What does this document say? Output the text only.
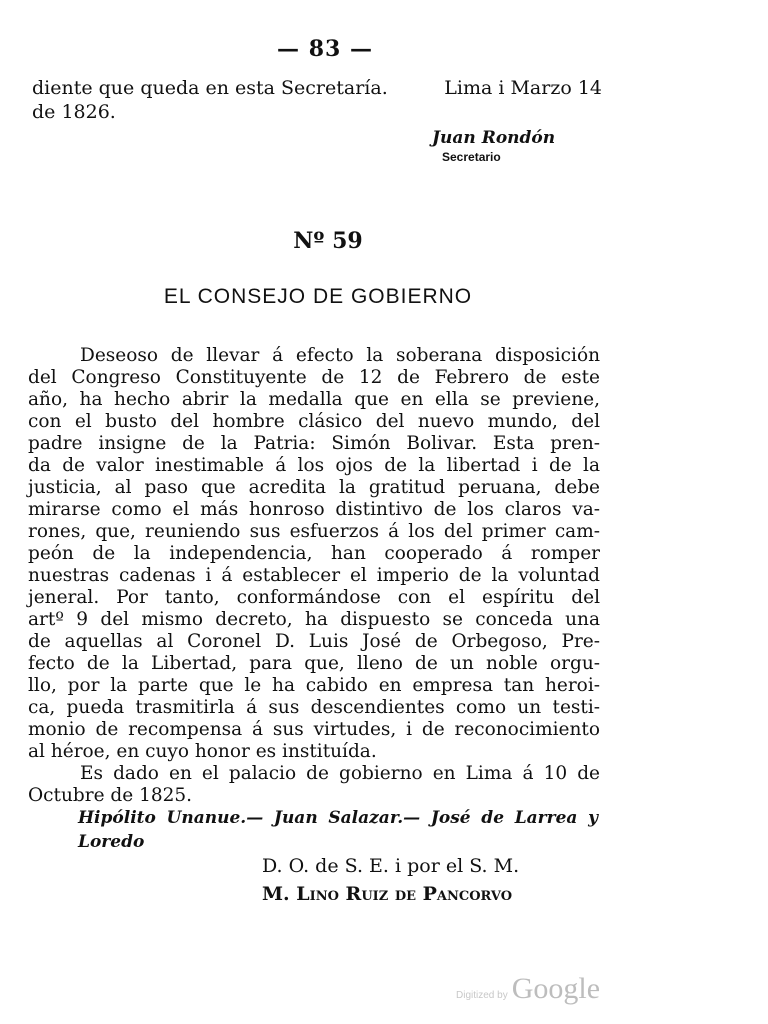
— 83 —
diente que queda en esta Secretaría.	Lima i Marzo 14
de 1826.
Juan Rondón
Secretario
Nº 59
EL CONSEJO DE GOBIERNO
Deseoso de llevar á efecto la soberana disposición
del Congreso Constituyente de 12 de Febrero de este
año, ha hecho abrir la medalla que en ella se previene,
con el busto del hombre clásico del nuevo mundo, del
padre insigne de la Patria: Simón Bolivar. Esta pren-
da de valor inestimable á los ojos de la libertad i de la
justicia, al paso que acredita la gratitud peruana, debe
mirarse como el más honroso distintivo de los claros va-
rones, que, reuniendo sus esfuerzos á los del primer cam-
peón de la independencia, han cooperado á romper
nuestras cadenas i á establecer el imperio de la voluntad
jeneral. Por tanto, conformándose con el espíritu del
artº 9 del mismo decreto, ha dispuesto se conceda una
de aquellas al Coronel D. Luis José de Orbegoso, Pre-
fecto de la Libertad, para que, lleno de un noble orgu-
llo, por la parte que le ha cabido en empresa tan heroi-
ca, pueda trasmitirla á sus descendientes como un testi-
monio de recompensa á sus virtudes, i de reconocimiento
al héroe, en cuyo honor es instituída.
Es dado en el palacio de gobierno en Lima á 10 de
Octubre de 1825.
Hipólito Unanue.— Juan Salazar.— José de Larrea y
Loredo
D. O. de S. E. i por el S. M.
M. Lino Ruiz de Pancorvo
Digitized by Google
